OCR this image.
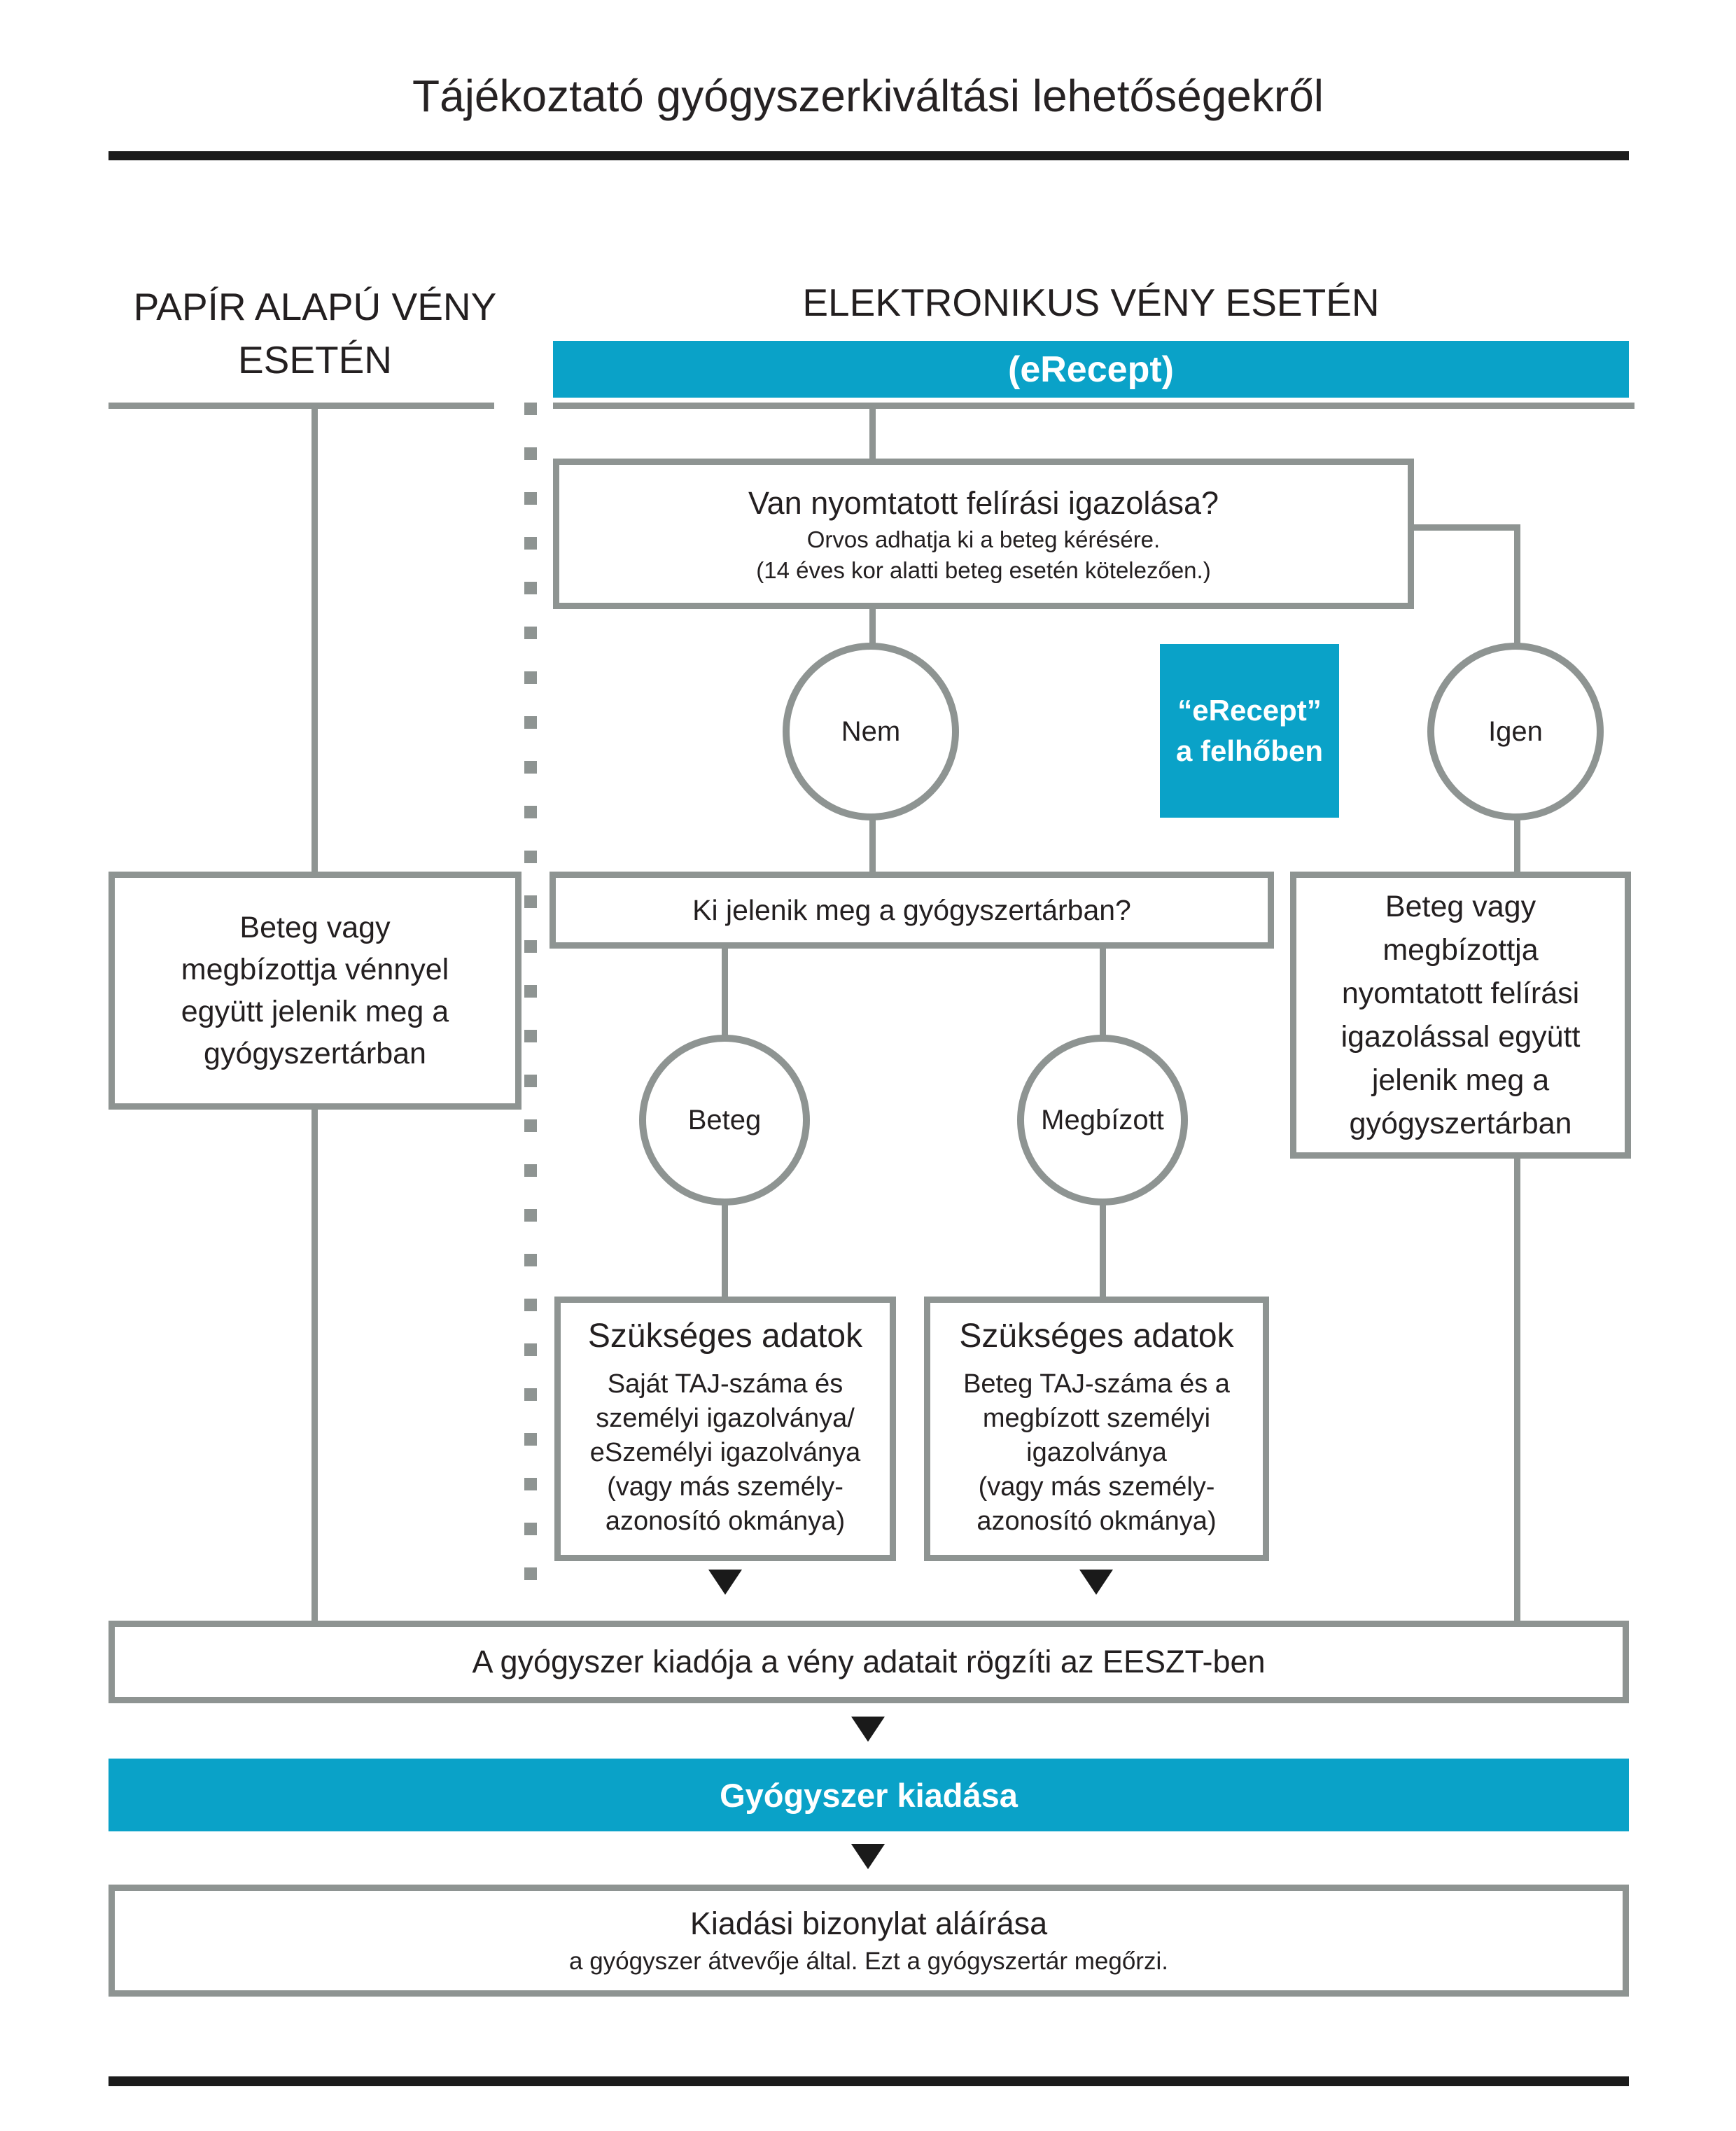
Tájékoztató gyógyszerkiváltási lehetőségekről
PAPÍR ALAPÚ VÉNY
ESETÉN
ELEKTRONIKUS VÉNY ESETÉN
(eRecept)
Van nyomtatott felírási igazolása?
Orvos adhatja ki a beteg kérésére.
(14 éves kor alatti beteg esetén kötelezően.)
Nem
“eRecept”
a felhőben
Igen
Beteg vagy
megbízottja vénnyel
együtt jelenik meg a
gyógyszertárban
Ki jelenik meg a gyógyszertárban?	Beteg vagy
megbízottja
nyomtatott felírási
igazolással együtt
jelenik meg a
gyógyszertárban
Beteg	Megbízott
Szükséges adatok
Saját TAJ-száma és
személyi igazolványa/
eSzemélyi igazolványa
(vagy más személy-
azonosító okmánya)
Szükséges adatok
Beteg TAJ-száma és a
megbízott személyi
igazolványa
(vagy más személy-
azonosító okmánya)
A gyógyszer kiadója a vény adatait rögzíti az EESZT-ben
Gyógyszer kiadása
Kiadási bizonylat aláírása
a gyógyszer átvevője által. Ezt a gyógyszertár megőrzi.
